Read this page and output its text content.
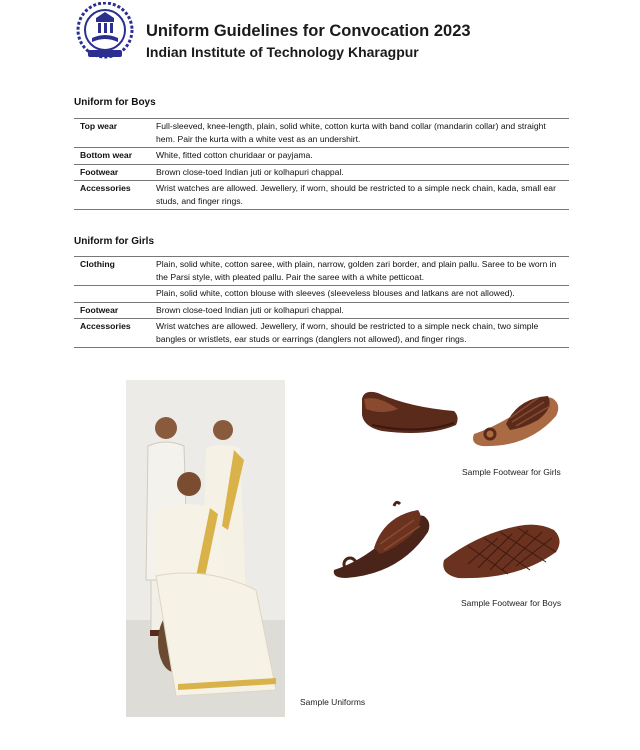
Uniform Guidelines for Convocation 2023
Indian Institute of Technology Kharagpur
Uniform for Boys
Top wear	Full-sleeved, knee-length, plain, solid white, cotton kurta with band collar (mandarin collar) and straight hem. Pair the kurta with a white vest as an undershirt.
Bottom wear	White, fitted cotton churidaar or payjama.
Footwear	Brown close-toed Indian juti or kolhapuri chappal.
Accessories	Wrist watches are allowed. Jewellery, if worn, should be restricted to a simple neck chain, kada, small ear studs, and finger rings.
Uniform for Girls
Clothing	Plain, solid white, cotton saree, with plain, narrow, golden zari border, and plain pallu. Saree to be worn in the Parsi style, with pleated pallu. Pair the saree with a white petticoat.
	Plain, solid white, cotton blouse with sleeves (sleeveless blouses and latkans are not allowed).
Footwear	Brown close-toed Indian juti or kolhapuri chappal.
Accessories	Wrist watches are allowed. Jewellery, if worn, should be restricted to a simple neck chain, two simple bangles or wristlets, ear studs or earrings (danglers not allowed), and finger rings.
Sample Uniforms
Sample Footwear for Girls
Sample Footwear for Boys
